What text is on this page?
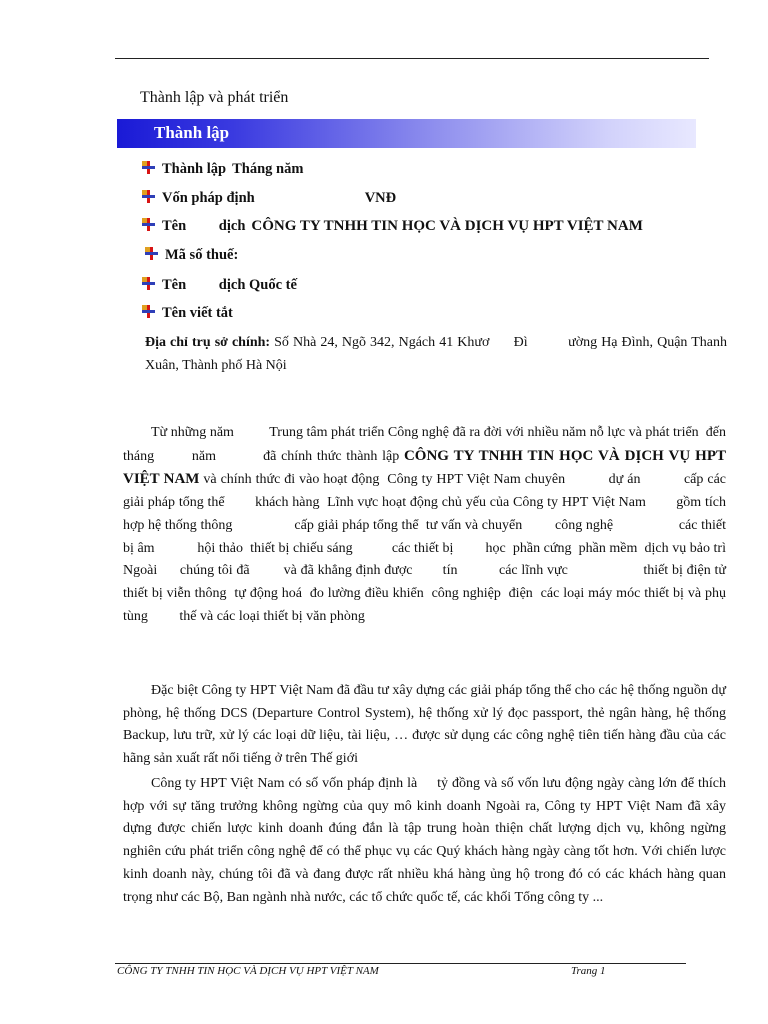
Thành lập và phát triển
Thành lập
Thành lập Tháng năm
Vốn pháp định	VNĐ
Tên         dịch CÔNG TY TNHH TIN HỌC VÀ DỊCH VỤ HPT VIỆT NAM
Mã số thuế:
Tên         dịch Quốc tế
Tên viết tắt
Địa chỉ trụ sở chính: Số Nhà 24, Ngõ 342, Ngách 41 Khươ      Đì          ường Hạ Đình, Quận Thanh Xuân, Thành phố Hà Nội

Từ những năm          Trung tâm phát triển Công nghệ đã ra đời với nhiều năm nỗ lực và phát triển  đến tháng        năm          đã chính thức thành lập CÔNG TY TNHH TIN HỌC VÀ DỊCH VỤ HPT VIỆT NAM và chính thức đi vào hoạt động  Công ty HPT Việt Nam chuyên           dự án           cấp các giải pháp tổng thể        khách hàng  Lĩnh vực hoạt động chủ yếu của Công ty HPT Việt Nam        gồm tích hợp hệ thống thông                 cấp giải pháp tổng thể  tư vấn và chuyển         công nghệ                  các thiết bị âm            hội thảo  thiết bị chiếu sáng           các thiết bị         học  phần cứng  phần mềm  dịch vụ bảo trì  Ngoài      chúng tôi đã         và đã khẳng định được        tín           các lĩnh vực                    thiết bị điện tử  thiết bị viễn thông  tự động hoá  đo lường điều khiển  công nghiệp  điện  các loại máy móc thiết bị và phụ tùng         thế và các loại thiết bị văn phòng

Đặc biệt Công ty HPT Việt Nam đã đầu tư xây dựng các giải pháp tổng thể cho các hệ thống nguồn dự phòng, hệ thống DCS (Departure Control System), hệ thống xử lý đọc passport, thẻ ngân hàng, hệ thống Backup, lưu trữ, xử lý các loại dữ liệu, tài liệu, … được sử dụng các công nghệ tiên tiến hàng đầu của các hãng sản xuất rất nổi tiếng ở trên Thế giới

Công ty HPT Việt Nam có số vốn pháp định là     tỷ đồng và số vốn lưu động ngày càng lớn để thích hợp với sự tăng trưởng không ngừng của quy mô kinh doanh Ngoài ra, Công ty HPT Việt Nam đã xây dựng được chiến lược kinh doanh đúng đắn là tập trung hoàn thiện chất lượng dịch vụ, không ngừng nghiên cứu phát triển công nghệ để có thể phục vụ các Quý khách hàng ngày càng tốt hơn. Với chiến lược kinh doanh này, chúng tôi đã và đang được rất nhiều khá hàng ủng hộ trong đó có các khách hàng quan trọng như các Bộ, Ban ngành nhà nước, các tổ chức quốc tế, các khối Tổng công ty ...

CÔNG TY TNHH TIN HỌC VÀ DỊCH VỤ HPT VIỆT NAM	Trang 1
